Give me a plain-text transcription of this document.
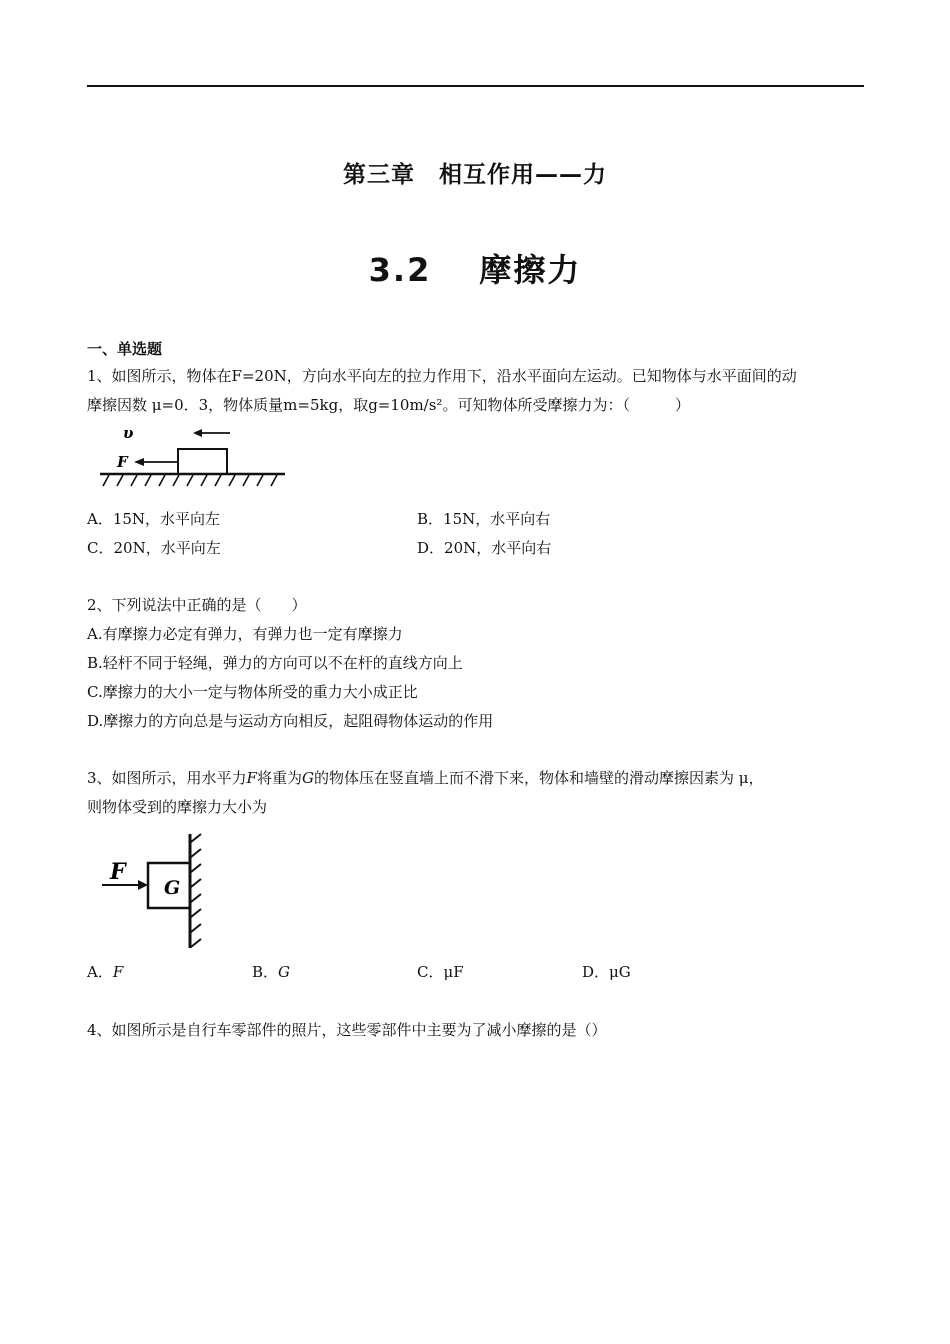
第三章　相互作用——力
3.2 摩擦力
一、单选题
1、如图所示，物体在F=20N，方向水平向左的拉力作用下，沿水平面向左运动。已知物体与水平面间的动
摩擦因数 μ=0．3，物体质量m=5kg，取g=10m/s²。可知物体所受摩擦力为：（　　　）
υ
F
A．15N，水平向左	B．15N，水平向右
C．20N，水平向左	D．20N，水平向右
2、下列说法中正确的是（　　）
A.有摩擦力必定有弹力，有弹力也一定有摩擦力
B.轻杆不同于轻绳，弹力的方向可以不在杆的直线方向上
C.摩擦力的大小一定与物体所受的重力大小成正比
D.摩擦力的方向总是与运动方向相反，起阻碍物体运动的作用
3、如图所示，用水平力F将重为G的物体压在竖直墙上而不滑下来，物体和墙壁的滑动摩擦因素为 μ，
则物体受到的摩擦力大小为
F
G
A．F	B．G	C．μF	D．μG
4、如图所示是自行车零部件的照片，这些零部件中主要为了减小摩擦的是（）
